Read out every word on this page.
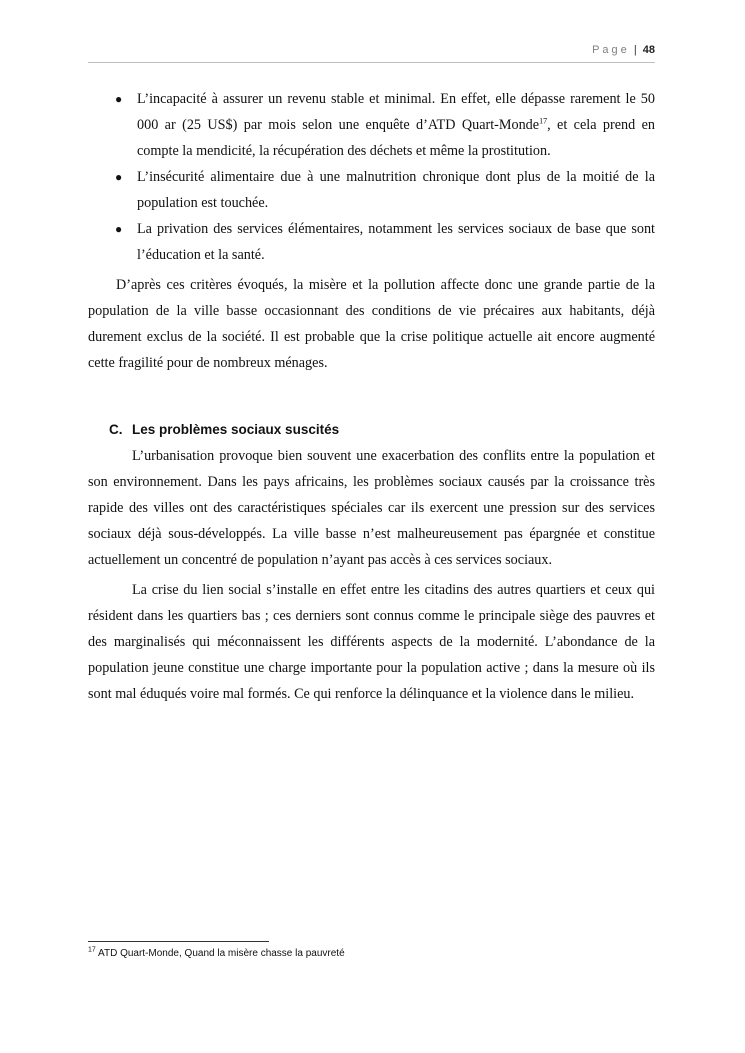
Page | 48
● L’incapacité à assurer un revenu stable et minimal. En effet, elle dépasse rarement le 50 000 ar (25 US$) par mois selon une enquête d’ATD Quart-Monde$^{17}$, et cela prend en compte la mendicité, la récupération des déchets et même la prostitution.
● L’insécurité alimentaire due à une malnutrition chronique dont plus de la moitié de la population est touchée.
● La privation des services élémentaires, notamment les services sociaux de base que sont l’éducation et la santé.

D’après ces critères évoqués, la misère et la pollution affecte donc une grande partie de la population de la ville basse occasionnant des conditions de vie précaires aux habitants, déjà durement exclus de la société. Il est probable que la crise politique actuelle ait encore augmenté cette fragilité pour de nombreux ménages.

C. Les problèmes sociaux suscités

L’urbanisation provoque bien souvent une exacerbation des conflits entre la population et son environnement. Dans les pays africains, les problèmes sociaux causés par la croissance très rapide des villes ont des caractéristiques spéciales car ils exercent une pression sur des services sociaux déjà sous-développés. La ville basse n’est malheureusement pas épargnée et constitue actuellement un concentré de population n’ayant pas accès à ces services sociaux.

La crise du lien social s’installe en effet entre les citadins des autres quartiers et ceux qui résident dans les quartiers bas ; ces derniers sont connus comme le principale siège des pauvres et des marginalisés qui méconnaissent les différents aspects de la modernité. L’abondance de la population jeune constitue une charge importante pour la population active ; dans la mesure où ils sont mal éduqués voire mal formés. Ce qui renforce la délinquance et la violence dans le milieu.

$^{17}$ ATD Quart-Monde, Quand la misère chasse la pauvreté
